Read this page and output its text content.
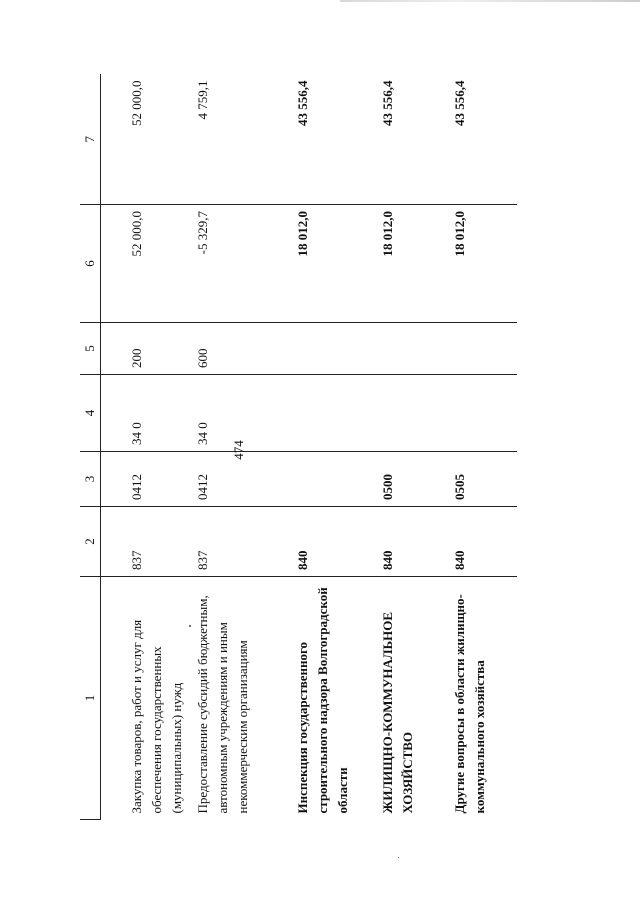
474
1	2	3	4	5	6	7
Закупка товаров, работ и услуг для обеспечения государственных (муниципальных) нужд	837	0412	34 0	200	52 000,0	52 000,0
Предоставление субсидий бюджетным, автономным учреждениям и иным некоммерческим организациям	837	0412	34 0	600	-5 329,7	4 759,1
Инспекция государственного строительного надзора Волгоградской области	840				18 012,0	43 556,4
ЖИЛИЩНО-КОММУНАЛЬНОЕ ХОЗЯЙСТВО	840	0500			18 012,0	43 556,4
Другие вопросы в области жилищно-коммунального хозяйства	840	0505			18 012,0	43 556,4
